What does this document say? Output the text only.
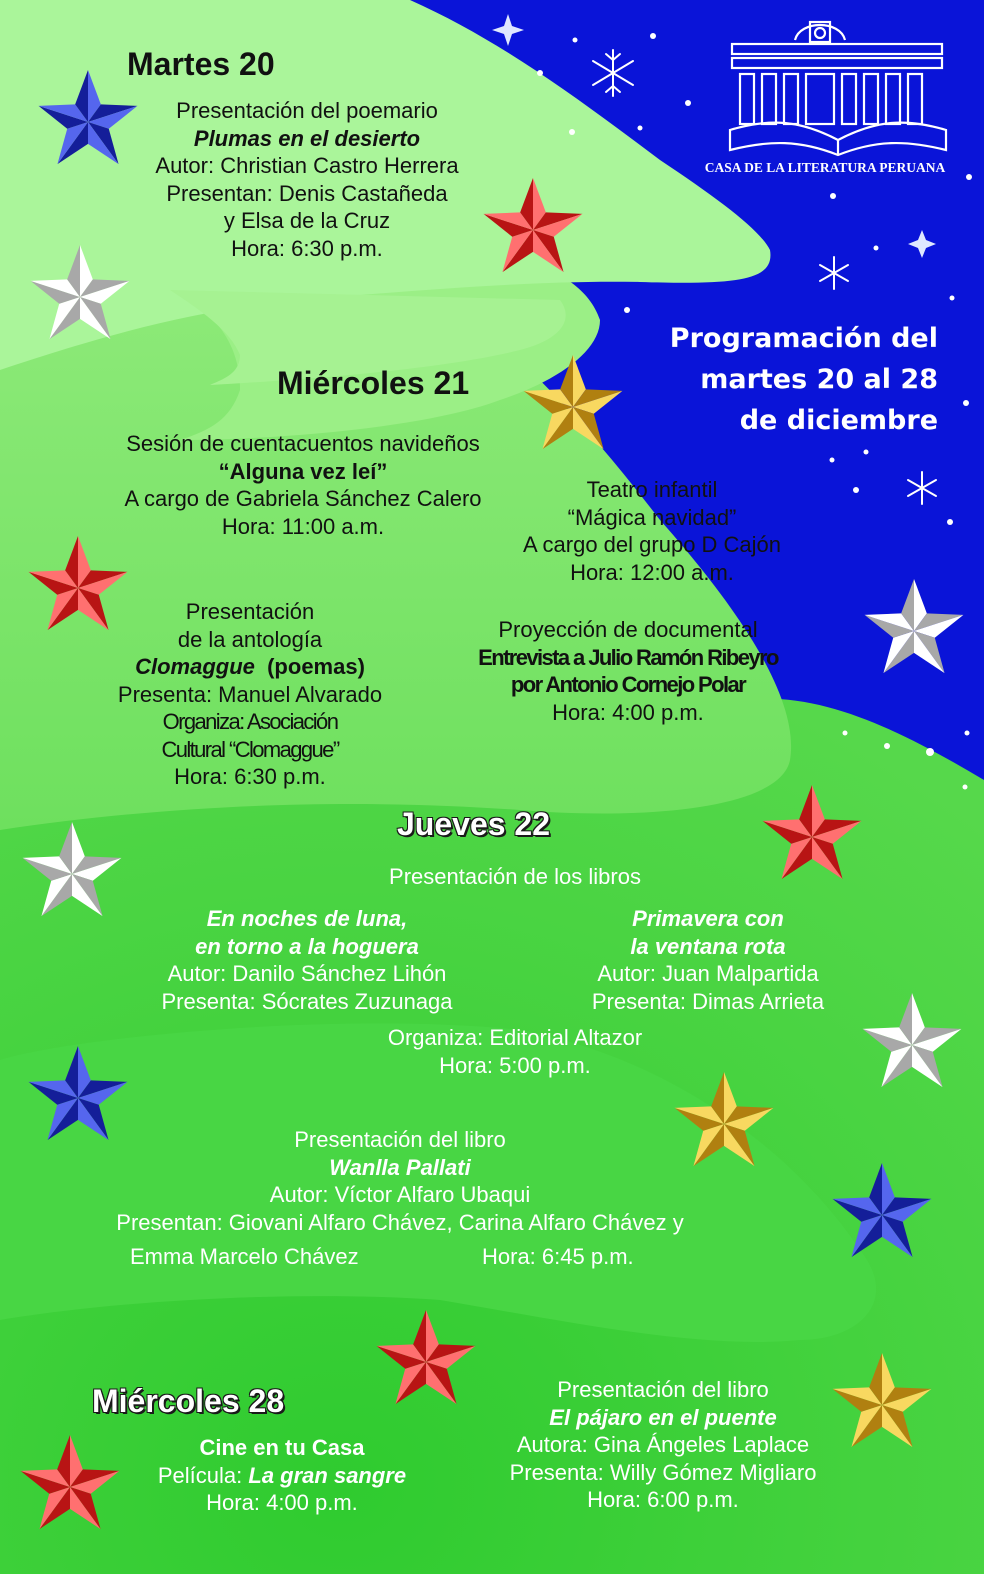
CASA DE LA LITERATURA PERUANA
Programación del
martes 20 al 28
de diciembre
Martes 20
Presentación del poemario
Plumas en el desierto
Autor: Christian Castro Herrera
Presentan: Denis Castañeda
y Elsa de la Cruz
Hora: 6:30 p.m.
Miércoles 21
Sesión de cuentacuentos navideños
“Alguna vez leí”
A cargo de Gabriela Sánchez Calero
Hora: 11:00 a.m.
Teatro infantil
“Mágica navidad”
A cargo del grupo D Cajón
Hora: 12:00 a.m.
Presentación
de la antología
Clomaggue (poemas)
Presenta: Manuel Alvarado
Organiza: Asociación
Cultural “Clomaggue”
Hora: 6:30 p.m.
Proyección de documental
Entrevista a Julio Ramón Ribeyro
por Antonio Cornejo Polar
Hora: 4:00 p.m.
Jueves 22
Presentación de los libros
En noches de luna,
en torno a la hoguera
Autor: Danilo Sánchez Lihón
Presenta: Sócrates Zuzunaga
Primavera con
la ventana rota
Autor: Juan Malpartida
Presenta: Dimas Arrieta
Organiza: Editorial Altazor
Hora: 5:00 p.m.
Presentación del libro
Wanlla Pallati
Autor: Víctor Alfaro Ubaqui
Presentan: Giovani Alfaro Chávez, Carina Alfaro Chávez y
Emma Marcelo Chávez	Hora: 6:45 p.m.
Miércoles 28
Cine en tu Casa
Película: La gran sangre
Hora: 4:00 p.m.
Presentación del libro
El pájaro en el puente
Autora: Gina Ángeles Laplace
Presenta: Willy Gómez Migliaro
Hora: 6:00 p.m.
